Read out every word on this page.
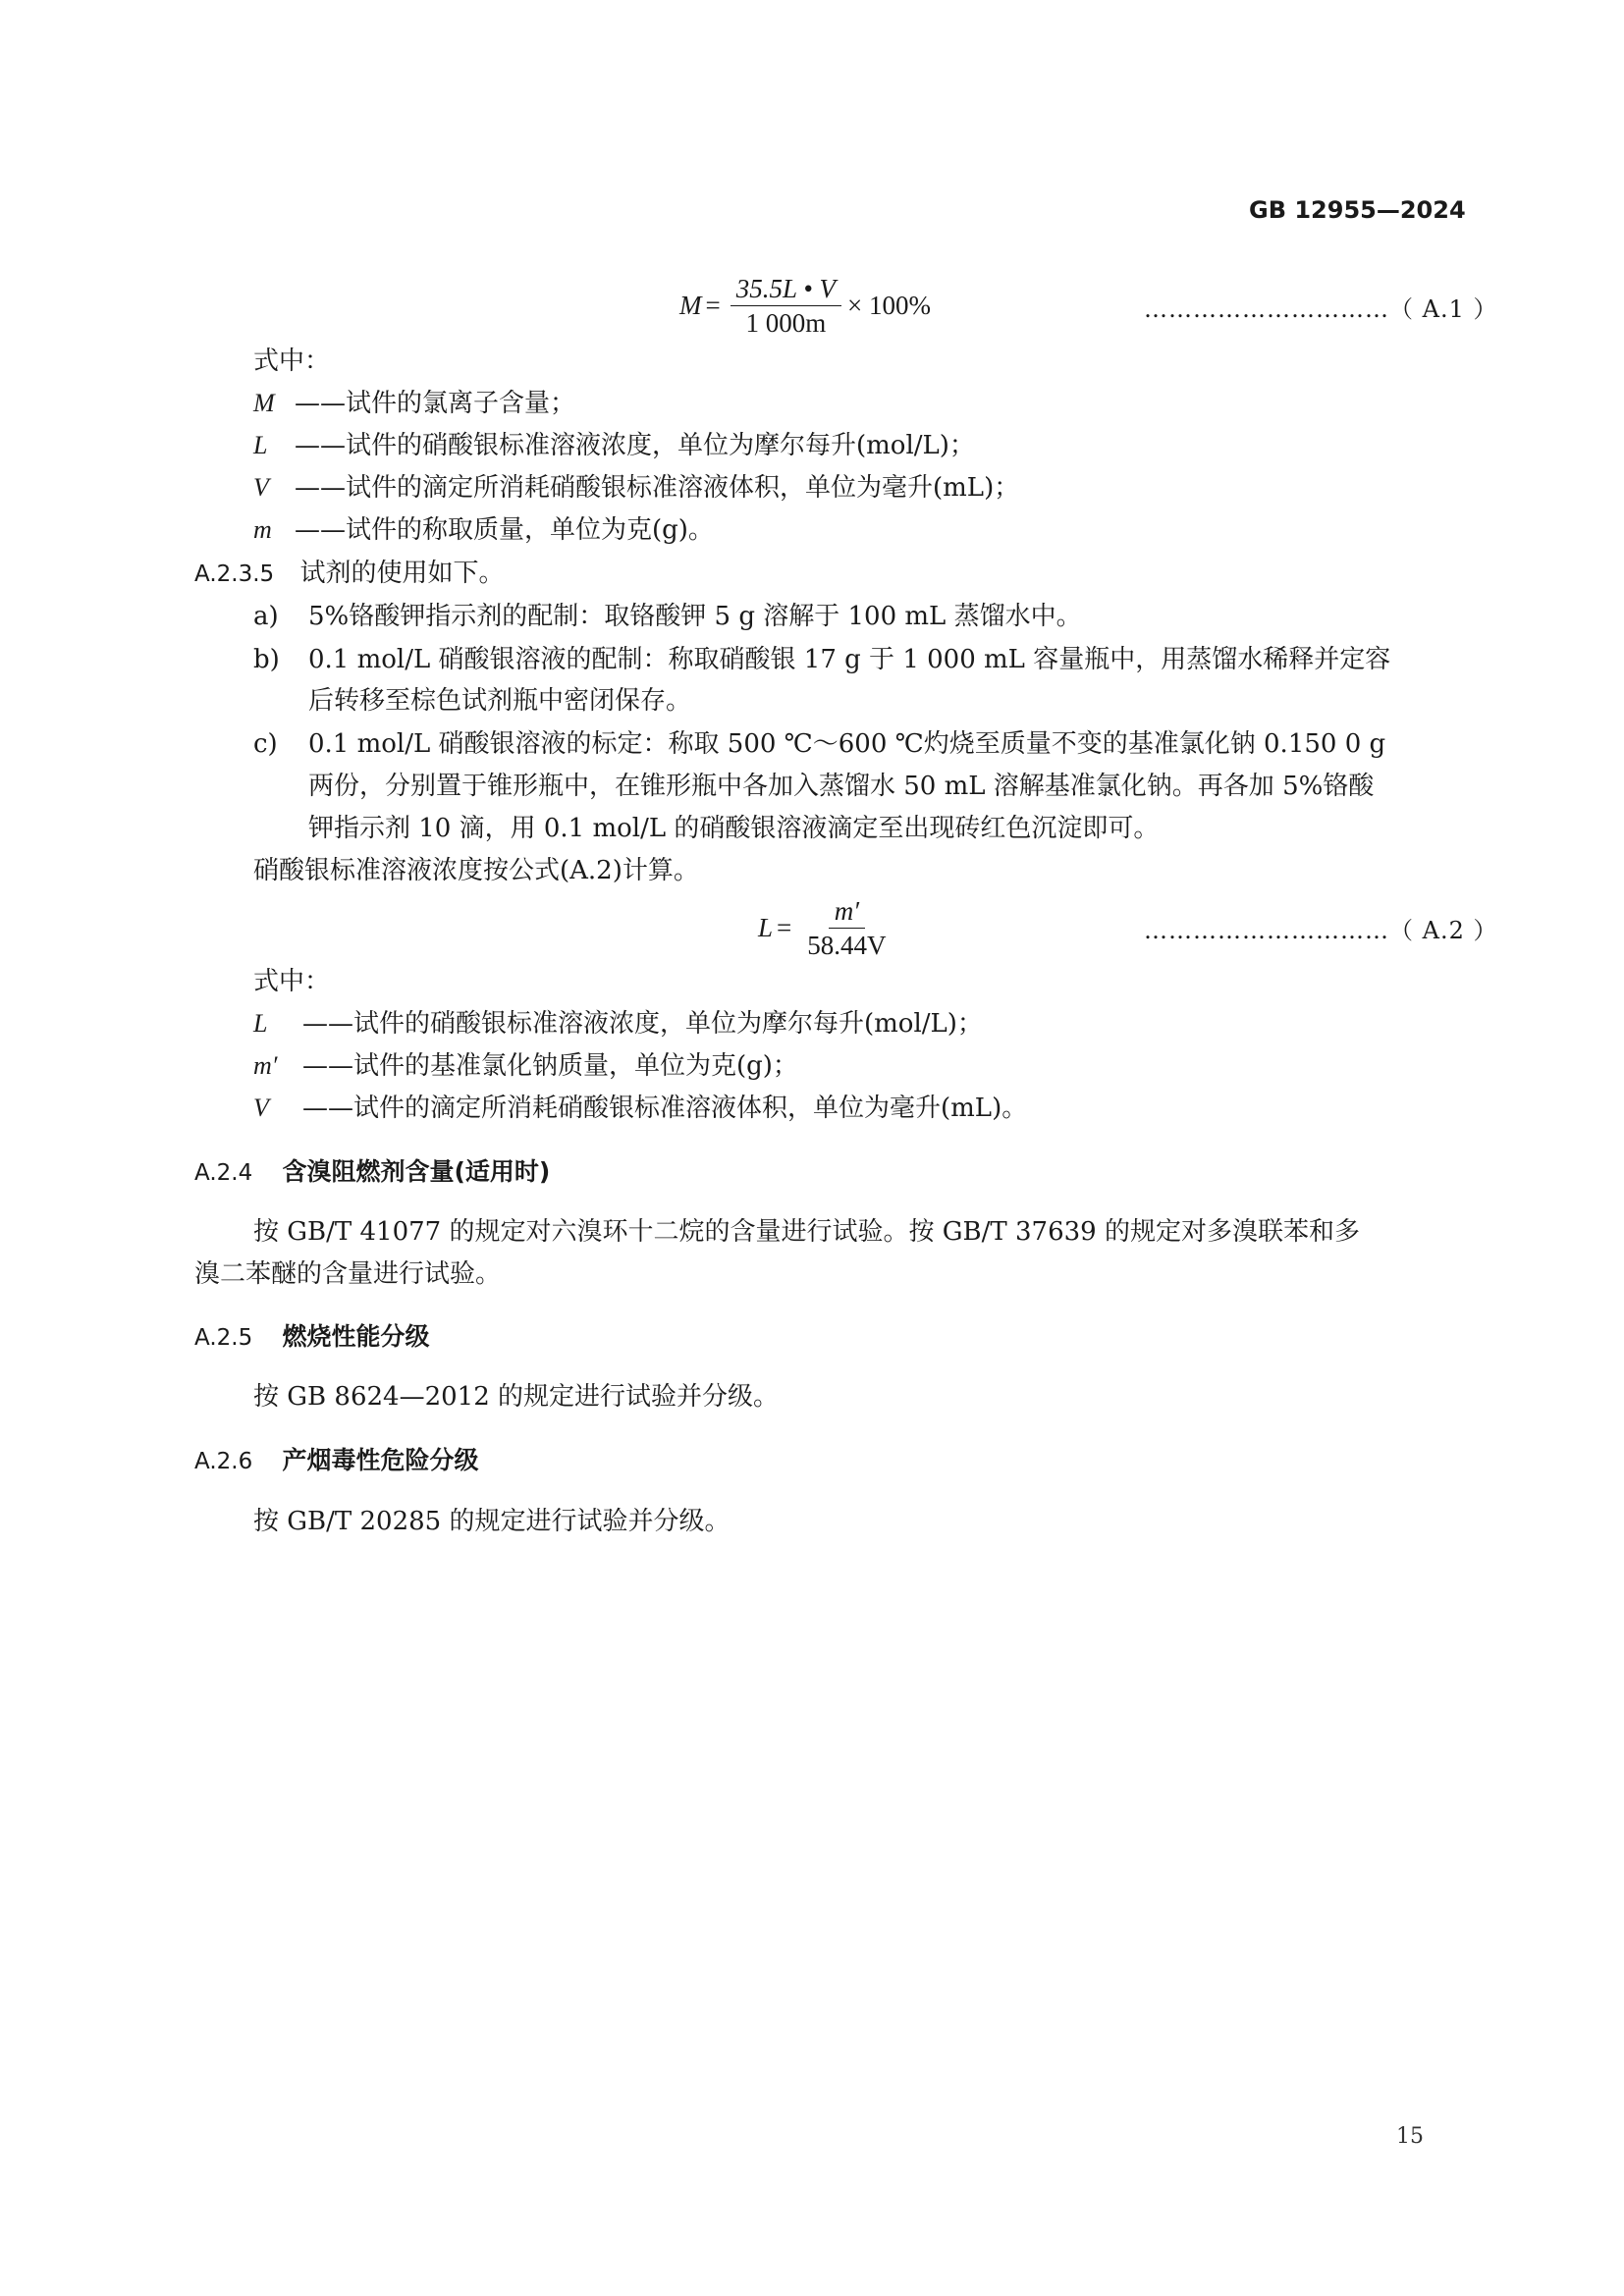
GB 12955—2024
$M = \frac{35.5L • V}{1 000m} \times 100\%$	…………………………（ A.1 ）
式中：
M ——试件的氯离子含量；
L ——试件的硝酸银标准溶液浓度，单位为摩尔每升(mol/L)；
V ——试件的滴定所消耗硝酸银标准溶液体积，单位为毫升(mL)；
m ——试件的称取质量，单位为克(g)。
A.2.3.5 试剂的使用如下。
a) 5%铬酸钾指示剂的配制：取铬酸钾 5 g 溶解于 100 mL 蒸馏水中。
b) 0.1 mol/L 硝酸银溶液的配制：称取硝酸银 17 g 于 1 000 mL 容量瓶中，用蒸馏水稀释并定容
后转移至棕色试剂瓶中密闭保存。
c) 0.1 mol/L 硝酸银溶液的标定：称取 500 ℃～600 ℃灼烧至质量不变的基准氯化钠 0.150 0 g
两份，分别置于锥形瓶中，在锥形瓶中各加入蒸馏水 50 mL 溶解基准氯化钠。再各加 5%铬酸
钾指示剂 10 滴，用 0.1 mol/L 的硝酸银溶液滴定至出现砖红色沉淀即可。
硝酸银标准溶液浓度按公式(A.2)计算。
$L = \frac{m'}{58.44V}$	…………………………（ A.2 ）
式中：
L ——试件的硝酸银标准溶液浓度，单位为摩尔每升(mol/L)；
m′ ——试件的基准氯化钠质量，单位为克(g)；
V ——试件的滴定所消耗硝酸银标准溶液体积，单位为毫升(mL)。
A.2.4 含溴阻燃剂含量(适用时)
按 GB/T 41077 的规定对六溴环十二烷的含量进行试验。按 GB/T 37639 的规定对多溴联苯和多
溴二苯醚的含量进行试验。
A.2.5 燃烧性能分级
按 GB 8624—2012 的规定进行试验并分级。
A.2.6 产烟毒性危险分级
按 GB/T 20285 的规定进行试验并分级。
15
